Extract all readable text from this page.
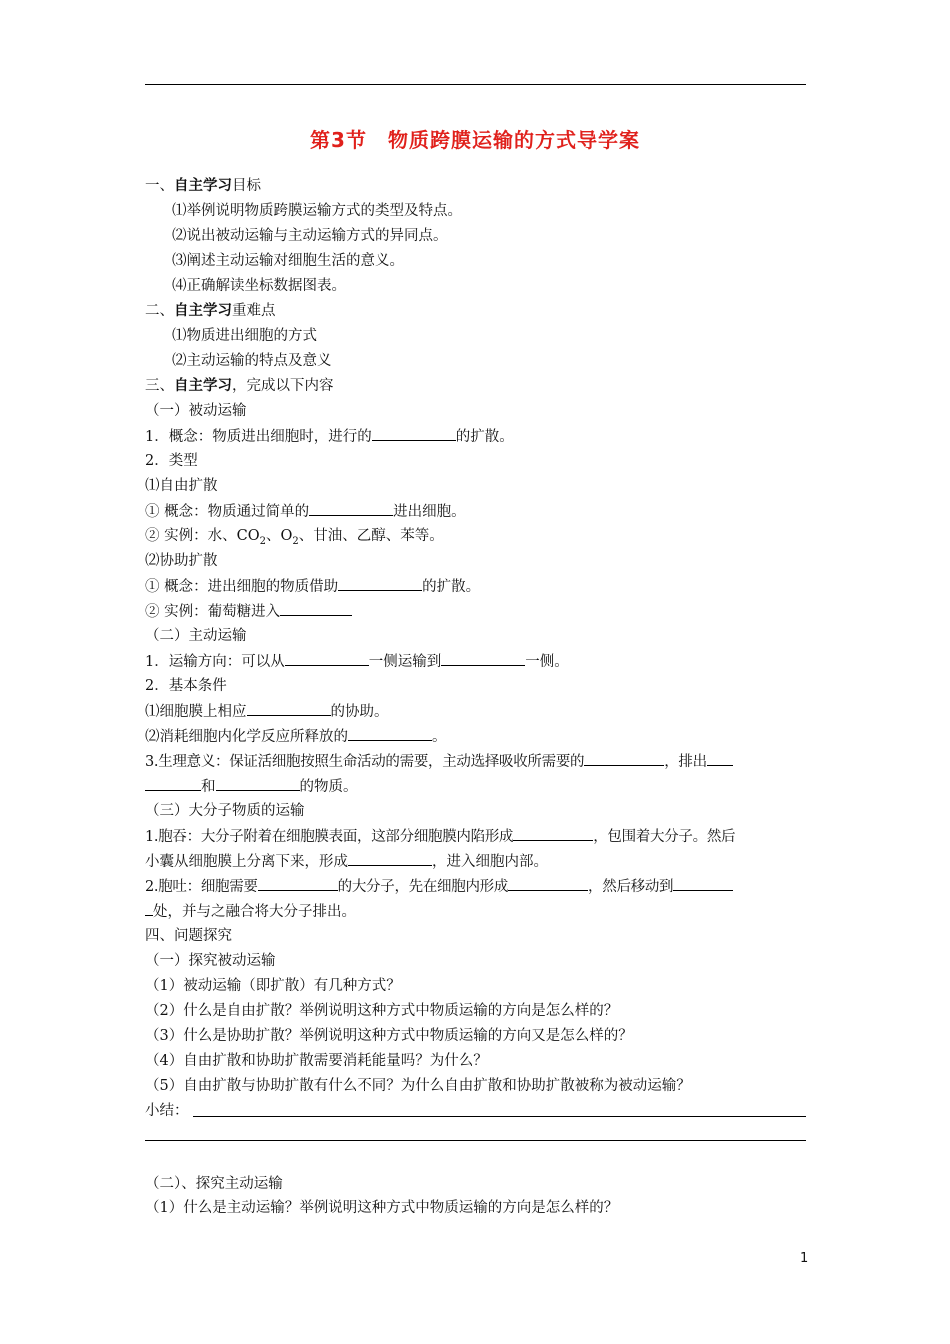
第3节　物质跨膜运输的方式导学案
一、自主学习目标
⑴举例说明物质跨膜运输方式的类型及特点。
⑵说出被动运输与主动运输方式的异同点。
⑶阐述主动运输对细胞生活的意义。
⑷正确解读坐标数据图表。
二、自主学习重难点
⑴物质进出细胞的方式
⑵主动运输的特点及意义
三、自主学习，完成以下内容
（一）被动运输
1．概念：物质进出细胞时，进行的	的扩散。
2．类型
⑴自由扩散
① 概念：物质通过简单的	进出细胞。
② 实例：水、$CO_2$、$O_2$、甘油、乙醇、苯等。
⑵协助扩散
① 概念：进出细胞的物质借助	的扩散。
② 实例：葡萄糖进入
（二）主动运输
1．运输方向：可以从	一侧运输到	一侧。
2．基本条件
⑴细胞膜上相应	的协助。
⑵消耗细胞内化学反应所释放的	。
3.生理意义：保证活细胞按照生命活动的需要，主动选择吸收所需要的	，排出
和	的物质。
（三）大分子物质的运输
1.胞吞：大分子附着在细胞膜表面，这部分细胞膜内陷形成	，包围着大分子。然后
小囊从细胞膜上分离下来，形成	，进入细胞内部。
2.胞吐：细胞需要	的大分子，先在细胞内形成	，然后移动到
处，并与之融合将大分子排出。
四、问题探究
（一）探究被动运输
（1）被动运输（即扩散）有几种方式？
（2）什么是自由扩散？举例说明这种方式中物质运输的方向是怎么样的？
（3）什么是协助扩散？举例说明这种方式中物质运输的方向又是怎么样的？
（4）自由扩散和协助扩散需要消耗能量吗？为什么？
（5）自由扩散与协助扩散有什么不同？为什么自由扩散和协助扩散被称为被动运输？
小结：
（二）、探究主动运输
（1）什么是主动运输？举例说明这种方式中物质运输的方向是怎么样的？
1
